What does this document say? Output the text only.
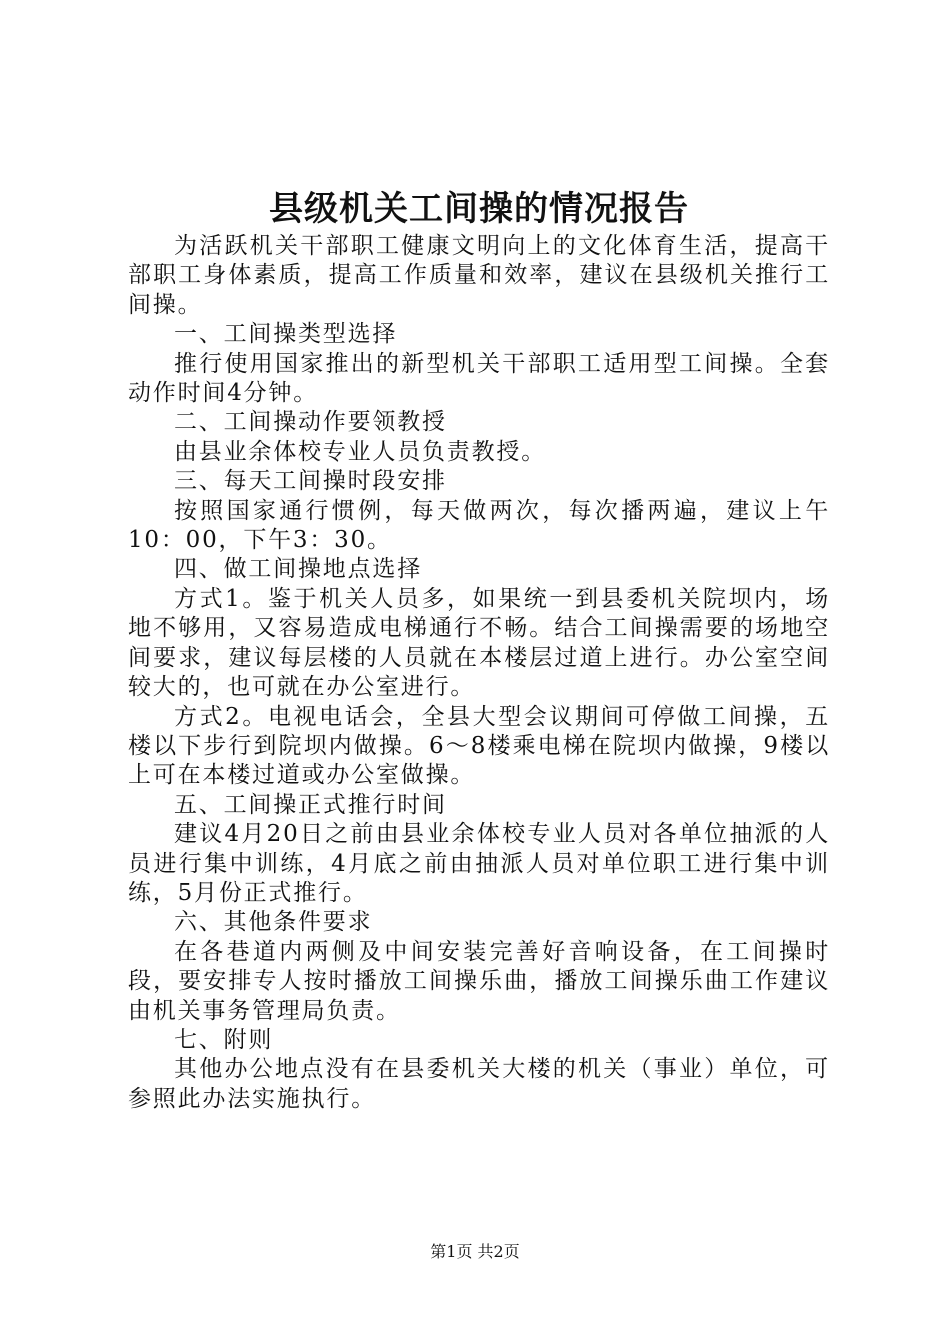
县级机关工间操的情况报告

为活跃机关干部职工健康文明向上的文化体育生活，提高干部职工身体素质，提高工作质量和效率，建议在县级机关推行工间操。

一、工间操类型选择

推行使用国家推出的新型机关干部职工适用型工间操。全套动作时间4分钟。

二、工间操动作要领教授

由县业余体校专业人员负责教授。

三、每天工间操时段安排

按照国家通行惯例，每天做两次，每次播两遍，建议上午10：00，下午3：30。

四、做工间操地点选择

方式1。鉴于机关人员多，如果统一到县委机关院坝内，场地不够用，又容易造成电梯通行不畅。结合工间操需要的场地空间要求，建议每层楼的人员就在本楼层过道上进行。办公室空间较大的，也可就在办公室进行。

方式2。电视电话会，全县大型会议期间可停做工间操，五楼以下步行到院坝内做操。6～8楼乘电梯在院坝内做操，9楼以上可在本楼过道或办公室做操。

五、工间操正式推行时间

建议4月20日之前由县业余体校专业人员对各单位抽派的人员进行集中训练，4月底之前由抽派人员对单位职工进行集中训练，5月份正式推行。

六、其他条件要求

在各巷道内两侧及中间安装完善好音响设备，在工间操时段，要安排专人按时播放工间操乐曲，播放工间操乐曲工作建议由机关事务管理局负责。

七、附则

其他办公地点没有在县委机关大楼的机关（事业）单位，可参照此办法实施执行。

第1页 共2页
